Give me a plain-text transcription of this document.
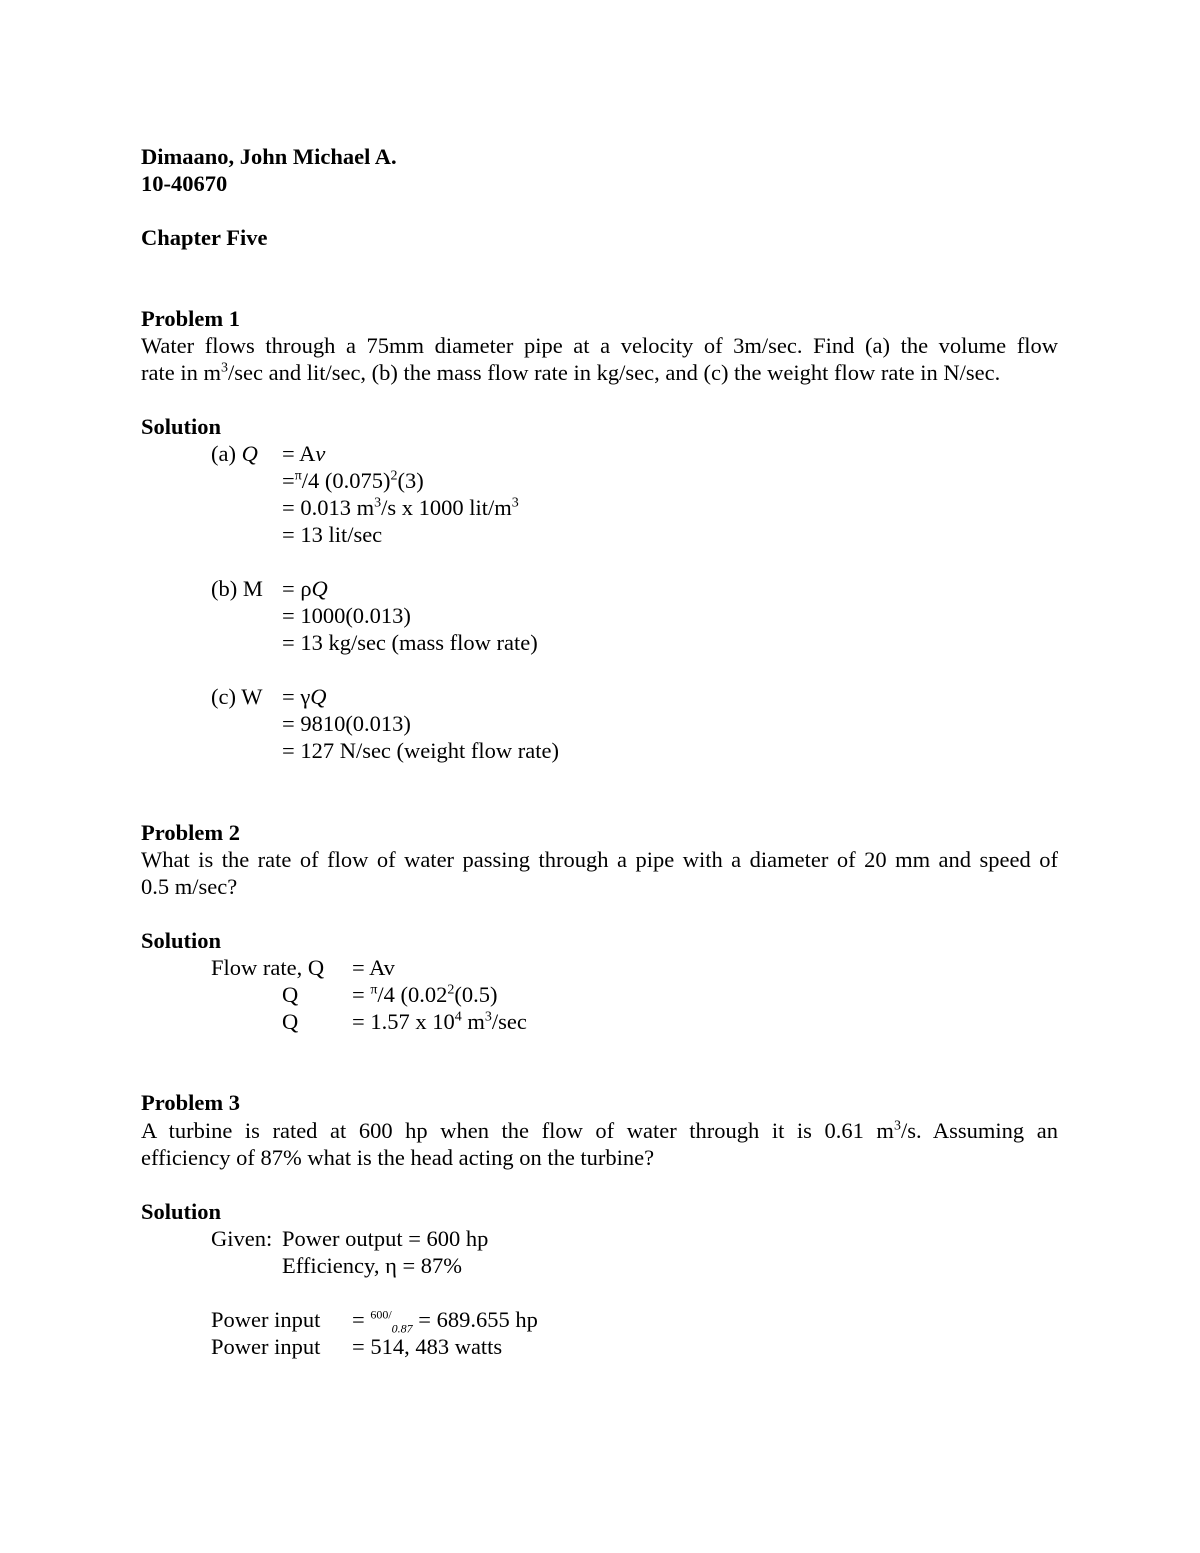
Dimaano, John Michael A.
10-40670
Chapter Five
Problem 1
Water flows through a 75mm diameter pipe at a velocity of 3m/sec. Find (a) the volume flow
rate in $m^3/\sec$ and lit/sec, (b) the mass flow rate in kg/sec, and (c) the weight flow rate in N/sec.
Solution
(a) Q = Av
=$^\pi$/4 $(0.075)^2(3)$
= 0.013 $m^3/s$ x 1000 lit/$m^3$
= 13 lit/sec
(b) M = ρQ
= 1000(0.013)
= 13 kg/sec (mass flow rate)
(c) W = γQ
= 9810(0.013)
= 127 N/sec (weight flow rate)
Problem 2
What is the rate of flow of water passing through a pipe with a diameter of 20 mm and speed of
0.5 m/sec?
Solution
Flow rate, Q = Av
Q = $^\pi$/4 (0.02$^2$(0.5)
Q = 1.57 x $10^4$ $m^3/\sec$
Problem 3
A turbine is rated at 600 hp when the flow of water through it is 0.61 $m^3/s$. Assuming an
efficiency of 87% what is the head acting on the turbine?
Solution
Given: Power output = 600 hp
Efficiency, η = 87%
Power input = $^{600/}_{0.87}$ = 689.655 hp
Power input = 514, 483 watts
